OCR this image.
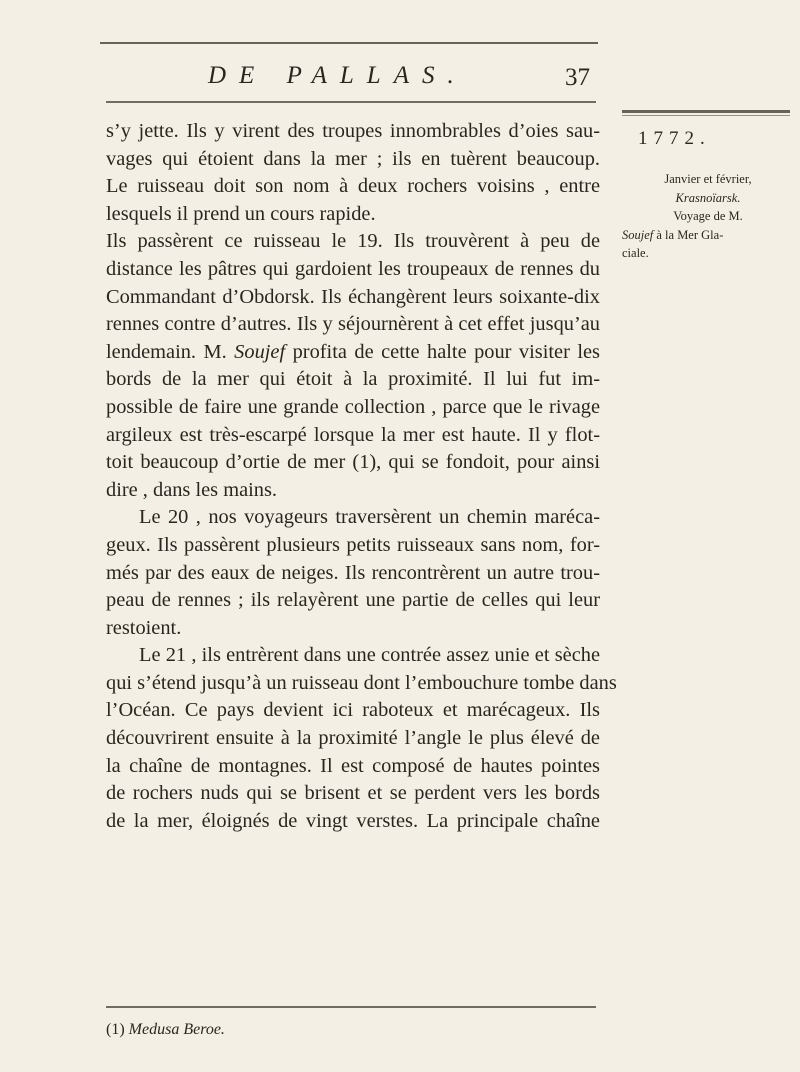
DE PALLAS.	37
1772.
Janvier et février,
Krasnoïarsk.
Voyage de M.
Soujef à la Mer Gla-
ciale.
s’y jette. Ils y virent des troupes innombrables d’oies sau-
vages qui étoient dans la mer ; ils en tuèrent beaucoup.
Le ruisseau doit son nom à deux rochers voisins , entre
lesquels il prend un cours rapide.
Ils passèrent ce ruisseau le 19. Ils trouvèrent à peu de
distance les pâtres qui gardoient les troupeaux de rennes du
Commandant d’Obdorsk. Ils échangèrent leurs soixante-dix
rennes contre d’autres. Ils y séjournèrent à cet effet jusqu’au
lendemain. M. Soujef profita de cette halte pour visiter les
bords de la mer qui étoit à la proximité. Il lui fut im-
possible de faire une grande collection , parce que le rivage
argileux est très-escarpé lorsque la mer est haute. Il y flot-
toit beaucoup d’ortie de mer (1), qui se fondoit, pour ainsi
dire , dans les mains.
Le 20 , nos voyageurs traversèrent un chemin maréca-
geux. Ils passèrent plusieurs petits ruisseaux sans nom, for-
més par des eaux de neiges. Ils rencontrèrent un autre trou-
peau de rennes ; ils relayèrent une partie de celles qui leur
restoient.
Le 21 , ils entrèrent dans une contrée assez unie et sèche
qui s’étend jusqu’à un ruisseau dont l’embouchure tombe dans
l’Océan. Ce pays devient ici raboteux et marécageux. Ils
découvrirent ensuite à la proximité l’angle le plus élevé de
la chaîne de montagnes. Il est composé de hautes pointes
de rochers nuds qui se brisent et se perdent vers les bords
de la mer, éloignés de vingt verstes. La principale chaîne
(1) Medusa Beroe.
